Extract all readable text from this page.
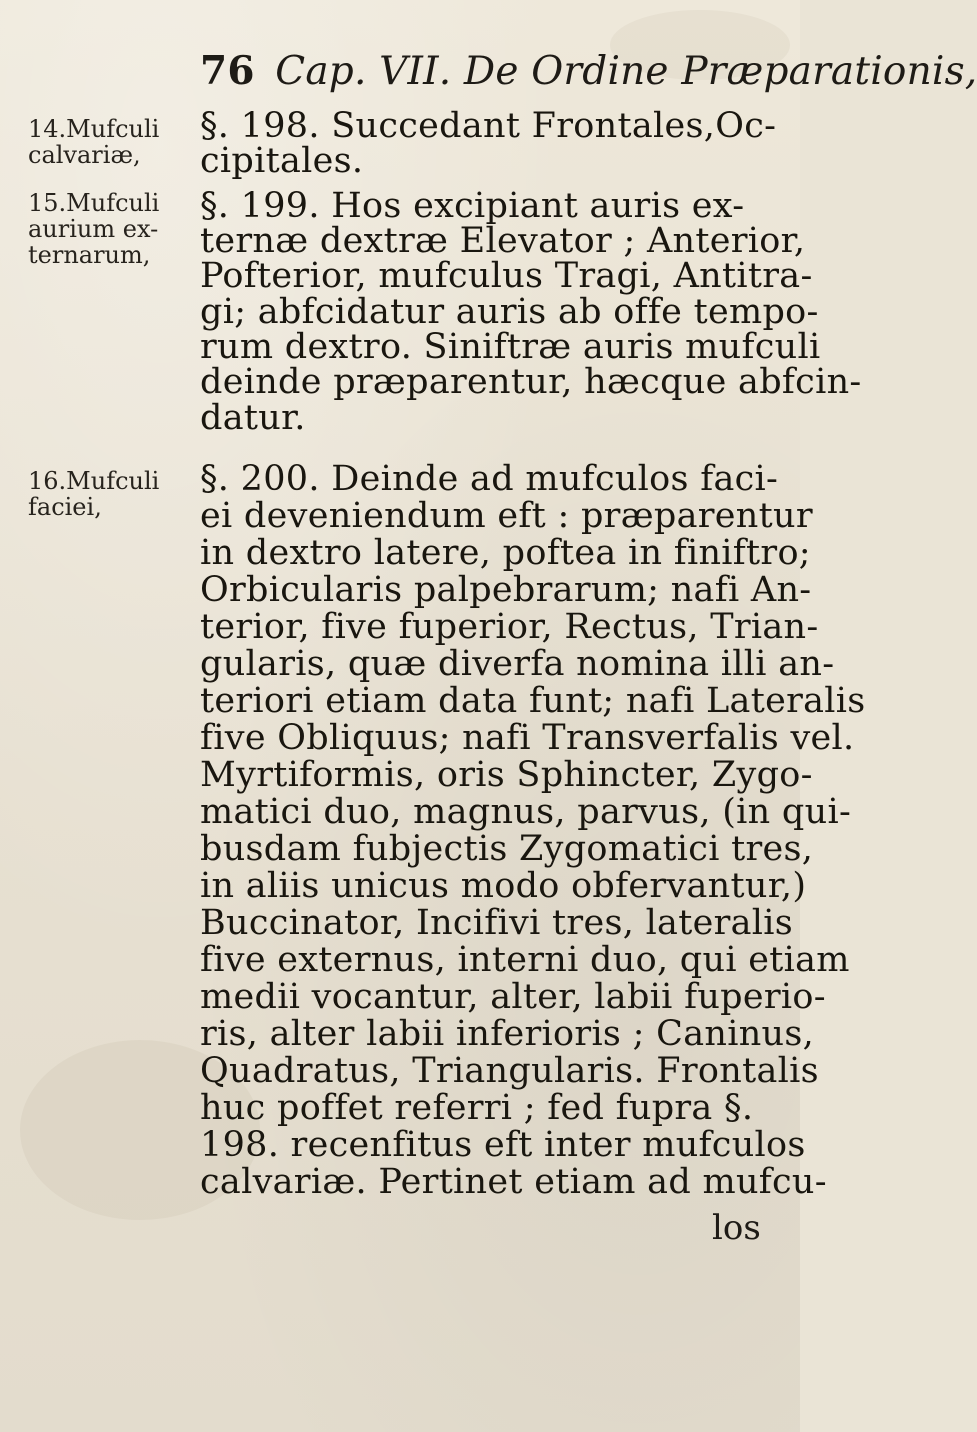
76 Cap. VII. De Ordine Præparationis,
14.Mufculi
calvariæ,
15.Mufculi
aurium ex-
ternarum,
16.Mufculi
faciei,
§. 198. Succedant Frontales,Oc-
cipitales.
§. 199. Hos excipiant auris ex-
ternæ dextræ Elevator ; Anterior,
Pofterior, mufculus Tragi, Antitra-
gi; abfcidatur auris ab offe tempo-
rum dextro. Siniftræ auris mufculi
deinde præparentur, hæcque abfcin-
datur.
§. 200. Deinde ad mufculos faci-
ei deveniendum eft : præparentur
in dextro latere, poftea in finiftro;
Orbicularis palpebrarum; nafi An-
terior, five fuperior, Rectus, Trian-
gularis, quæ diverfa nomina illi an-
teriori etiam data funt; nafi Lateralis
five Obliquus; nafi Transverfalis vel.
Myrtiformis, oris Sphincter, Zygo-
matici duo, magnus, parvus, (in qui-
busdam fubjectis Zygomatici tres,
in aliis unicus modo obfervantur,)
Buccinator, Incifivi tres, lateralis
five externus, interni duo, qui etiam
medii vocantur, alter, labii fuperio-
ris, alter labii inferioris ; Caninus,
Quadratus, Triangularis. Frontalis
huc poffet referri ; fed fupra §.
198. recenfitus eft inter mufculos
calvariæ. Pertinet etiam ad mufcu-
los
